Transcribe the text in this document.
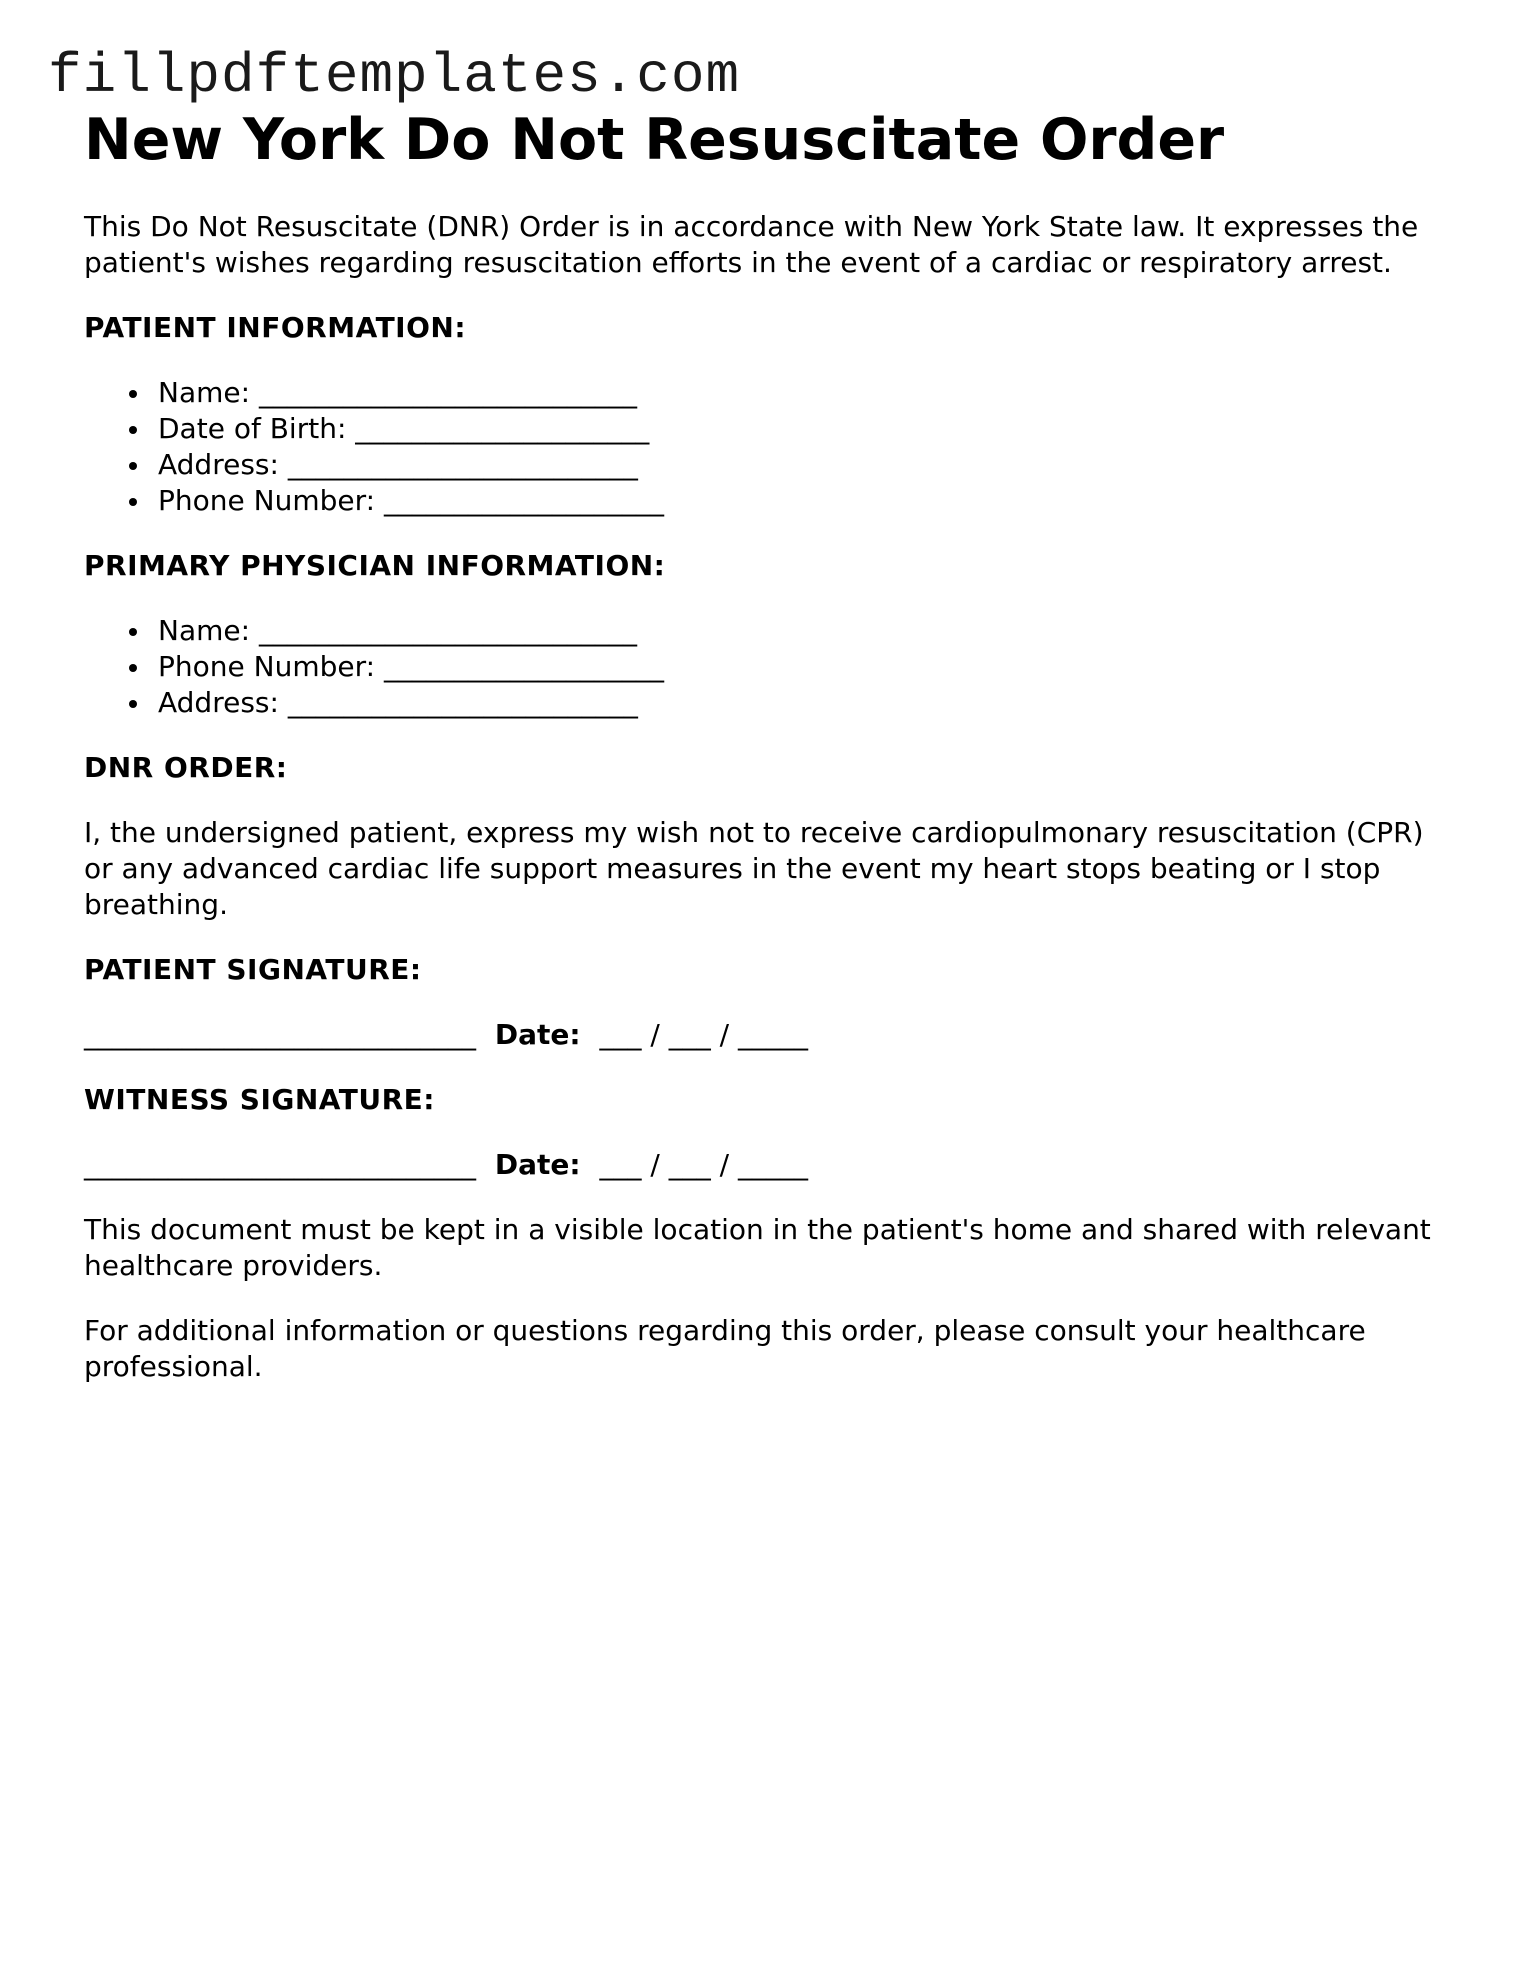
fillpdftemplates.com
New York Do Not Resuscitate Order

This Do Not Resuscitate (DNR) Order is in accordance with New York State law. It expresses the patient's wishes regarding resuscitation efforts in the event of a cardiac or respiratory arrest.

PATIENT INFORMATION:
Name: ___________________________
Date of Birth: _____________________
Address: _________________________
Phone Number: ____________________
PRIMARY PHYSICIAN INFORMATION:
Name: ___________________________
Phone Number: ____________________
Address: _________________________
DNR ORDER:

I, the undersigned patient, express my wish not to receive cardiopulmonary resuscitation (CPR) or any advanced cardiac life support measures in the event my heart stops beating or I stop breathing.

PATIENT SIGNATURE:
____________________________ Date: ___ / ___ / _____
WITNESS SIGNATURE:
____________________________ Date: ___ / ___ / _____

This document must be kept in a visible location in the patient's home and shared with relevant healthcare providers.

For additional information or questions regarding this order, please consult your healthcare professional.
